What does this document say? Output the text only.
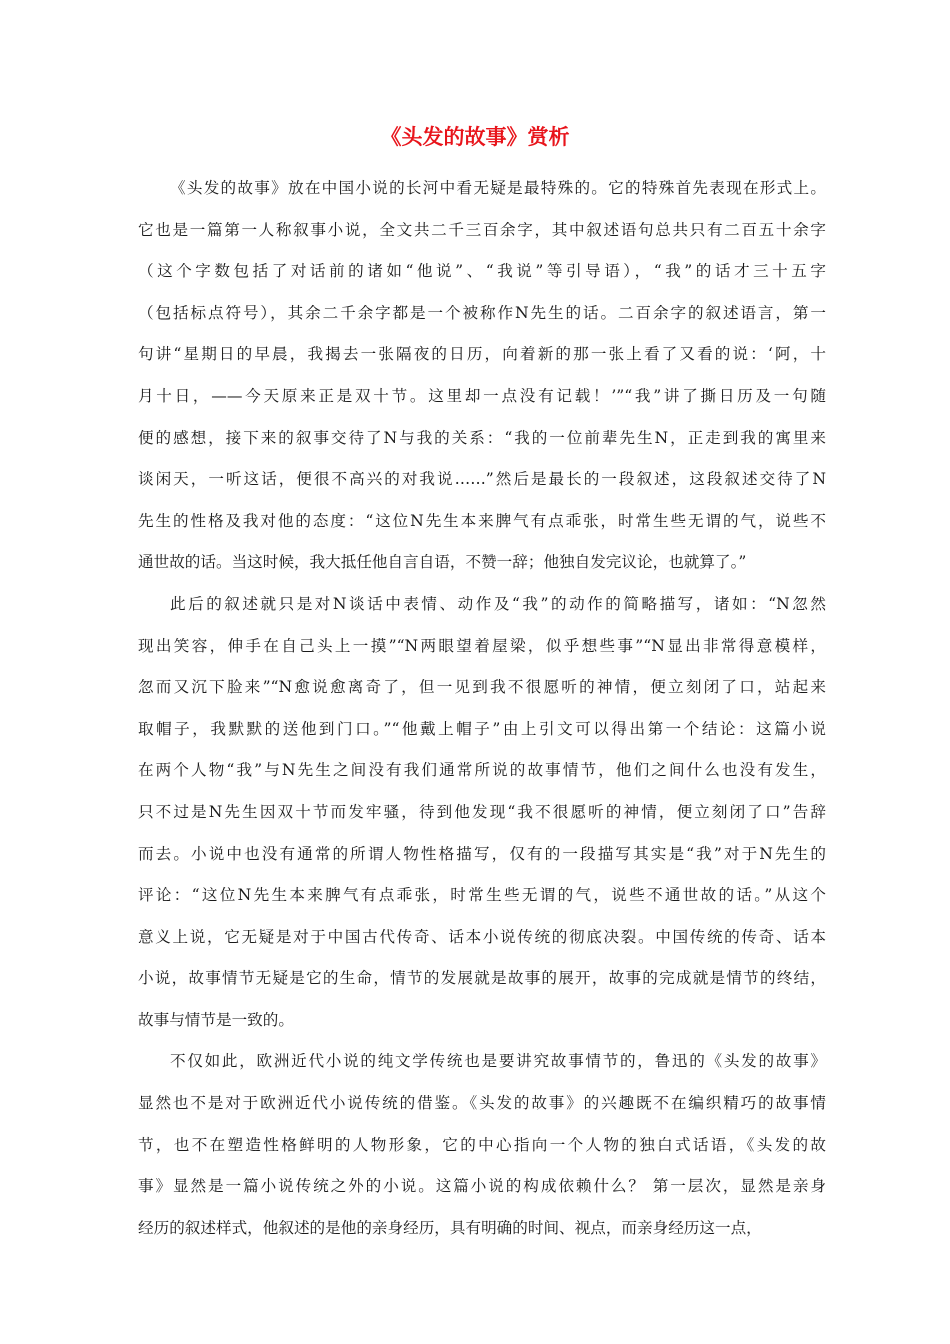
《头发的故事》赏析
《头发的故事》放在中国小说的长河中看无疑是最特殊的。它的特殊首先表现在形式上。
它也是一篇第一人称叙事小说，全文共二千三百余字，其中叙述语句总共只有二百五十余字
（这个字数包括了对话前的诸如“他说”、“我说”等引导语），“我”的话才三十五字
（包括标点符号），其余二千余字都是一个被称作N先生的话。二百余字的叙述语言，第一
句讲“星期日的早晨，我揭去一张隔夜的日历，向着新的那一张上看了又看的说：‘阿，十
月十日，——今天原来正是双十节。这里却一点没有记载！’”“我”讲了撕日历及一句随
便的感想，接下来的叙事交待了N与我的关系：“我的一位前辈先生N，正走到我的寓里来
谈闲天，一听这话，便很不高兴的对我说……”然后是最长的一段叙述，这段叙述交待了N
先生的性格及我对他的态度：“这位N先生本来脾气有点乖张，时常生些无谓的气，说些不
通世故的话。当这时候，我大抵任他自言自语，不赞一辞；他独自发完议论，也就算了。”
此后的叙述就只是对N谈话中表情、动作及“我”的动作的简略描写，诸如：“N忽然
现出笑容，伸手在自己头上一摸”“N两眼望着屋梁，似乎想些事”“N显出非常得意模样，
忽而又沉下脸来”“N愈说愈离奇了，但一见到我不很愿听的神情，便立刻闭了口，站起来
取帽子，我默默的送他到门口。”“他戴上帽子”由上引文可以得出第一个结论：这篇小说
在两个人物“我”与N先生之间没有我们通常所说的故事情节，他们之间什么也没有发生，
只不过是N先生因双十节而发牢骚，待到他发现“我不很愿听的神情，便立刻闭了口”告辞
而去。小说中也没有通常的所谓人物性格描写，仅有的一段描写其实是“我”对于N先生的
评论：“这位N先生本来脾气有点乖张，时常生些无谓的气，说些不通世故的话。”从这个
意义上说，它无疑是对于中国古代传奇、话本小说传统的彻底决裂。中国传统的传奇、话本
小说，故事情节无疑是它的生命，情节的发展就是故事的展开，故事的完成就是情节的终结，
故事与情节是一致的。
不仅如此，欧洲近代小说的纯文学传统也是要讲究故事情节的，鲁迅的《头发的故事》
显然也不是对于欧洲近代小说传统的借鉴。《头发的故事》的兴趣既不在编织精巧的故事情
节，也不在塑造性格鲜明的人物形象，它的中心指向一个人物的独白式话语，《头发的故
事》显然是一篇小说传统之外的小说。这篇小说的构成依赖什么？ 第一层次，显然是亲身
经历的叙述样式，他叙述的是他的亲身经历，具有明确的时间、视点，而亲身经历这一点，
